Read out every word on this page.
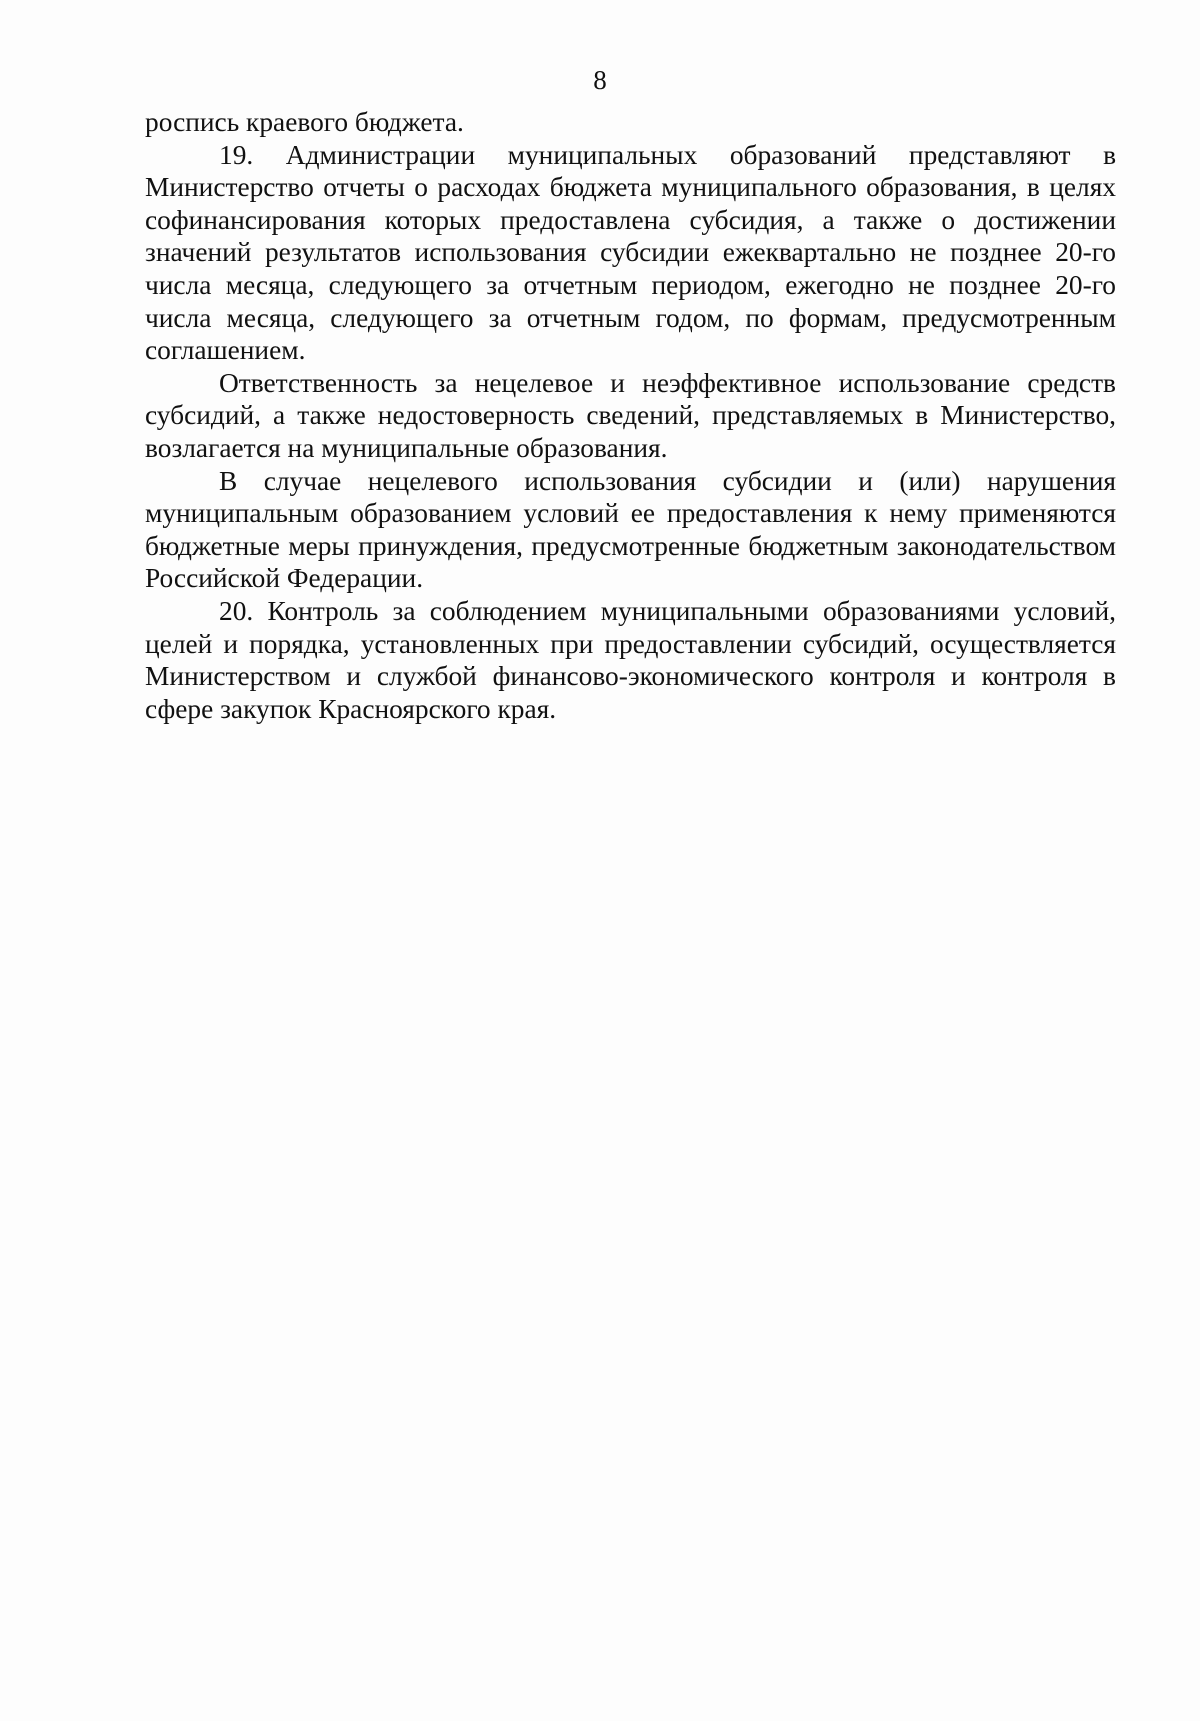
8

роспись краевого бюджета.

19. Администрации муниципальных образований представляют в Министерство отчеты о расходах бюджета муниципального образования, в целях софинансирования которых предоставлена субсидия, а также о достижении значений результатов использования субсидии ежеквартально не позднее 20-го числа месяца, следующего за отчетным периодом, ежегодно не позднее 20-го числа месяца, следующего за отчетным годом, по формам, предусмотренным соглашением.

Ответственность за нецелевое и неэффективное использование средств субсидий, а также недостоверность сведений, представляемых в Министерство, возлагается на муниципальные образования.

В случае нецелевого использования субсидии и (или) нарушения муниципальным образованием условий ее предоставления к нему применяются бюджетные меры принуждения, предусмотренные бюджетным законодательством Российской Федерации.

20. Контроль за соблюдением муниципальными образованиями условий, целей и порядка, установленных при предоставлении субсидий, осуществляется Министерством и службой финансово-экономического контроля и контроля в сфере закупок Красноярского края.
